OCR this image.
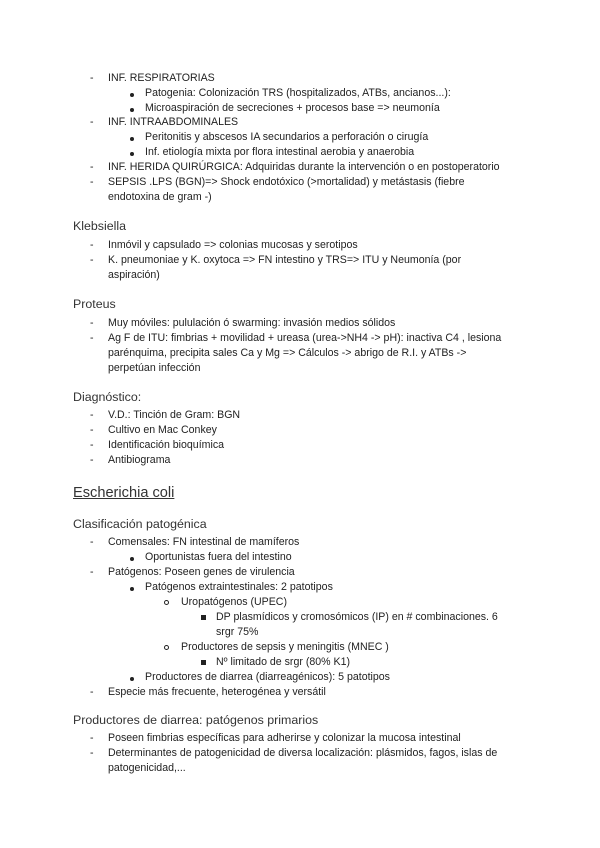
- INF. RESPIRATORIAS
Patogenia: Colonización TRS (hospitalizados, ATBs, ancianos...):
Microaspiración de secreciones + procesos base => neumonía
- INF. INTRAABDOMINALES
Peritonitis y abscesos IA secundarios a perforación o cirugía
Inf. etiología mixta por flora intestinal aerobia y anaerobia
- INF. HERIDA QUIRÚRGICA: Adquiridas durante la intervención o en postoperatorio
- SEPSIS .LPS (BGN)=> Shock endotóxico (>mortalidad) y metástasis (fiebre
endotoxina de gram -)
Klebsiella
- Inmóvil y capsulado => colonias mucosas y serotipos
- K. pneumoniae y K. oxytoca => FN intestino y TRS=> ITU y Neumonía (por
aspiración)
Proteus
- Muy móviles: pululación ó swarming: invasión medios sólidos
- Ag F de ITU: fimbrias + movilidad + ureasa (urea->NH4 -> pH): inactiva C4 , lesiona
parénquima, precipita sales Ca y Mg => Cálculos -> abrigo de R.I. y ATBs ->
perpetúan infección
Diagnóstico:
- V.D.: Tinción de Gram: BGN
- Cultivo en Mac Conkey
- Identificación bioquímica
- Antibiograma
Escherichia coli
Clasificación patogénica
- Comensales: FN intestinal de mamíferos
Oportunistas fuera del intestino
- Patógenos: Poseen genes de virulencia
Patógenos extraintestinales: 2 patotipos
Uropatógenos (UPEC)
DP plasmídicos y cromosómicos (IP) en # combinaciones. 6
srgr 75%
Productores de sepsis y meningitis (MNEC )
Nº limitado de srgr (80% K1)
Productores de diarrea (diarreagénicos): 5 patotipos
- Especie más frecuente, heterogénea y versátil
Productores de diarrea: patógenos primarios
- Poseen fimbrias específicas para adherirse y colonizar la mucosa intestinal
- Determinantes de patogenicidad de diversa localización: plásmidos, fagos, islas de
patogenicidad,...
